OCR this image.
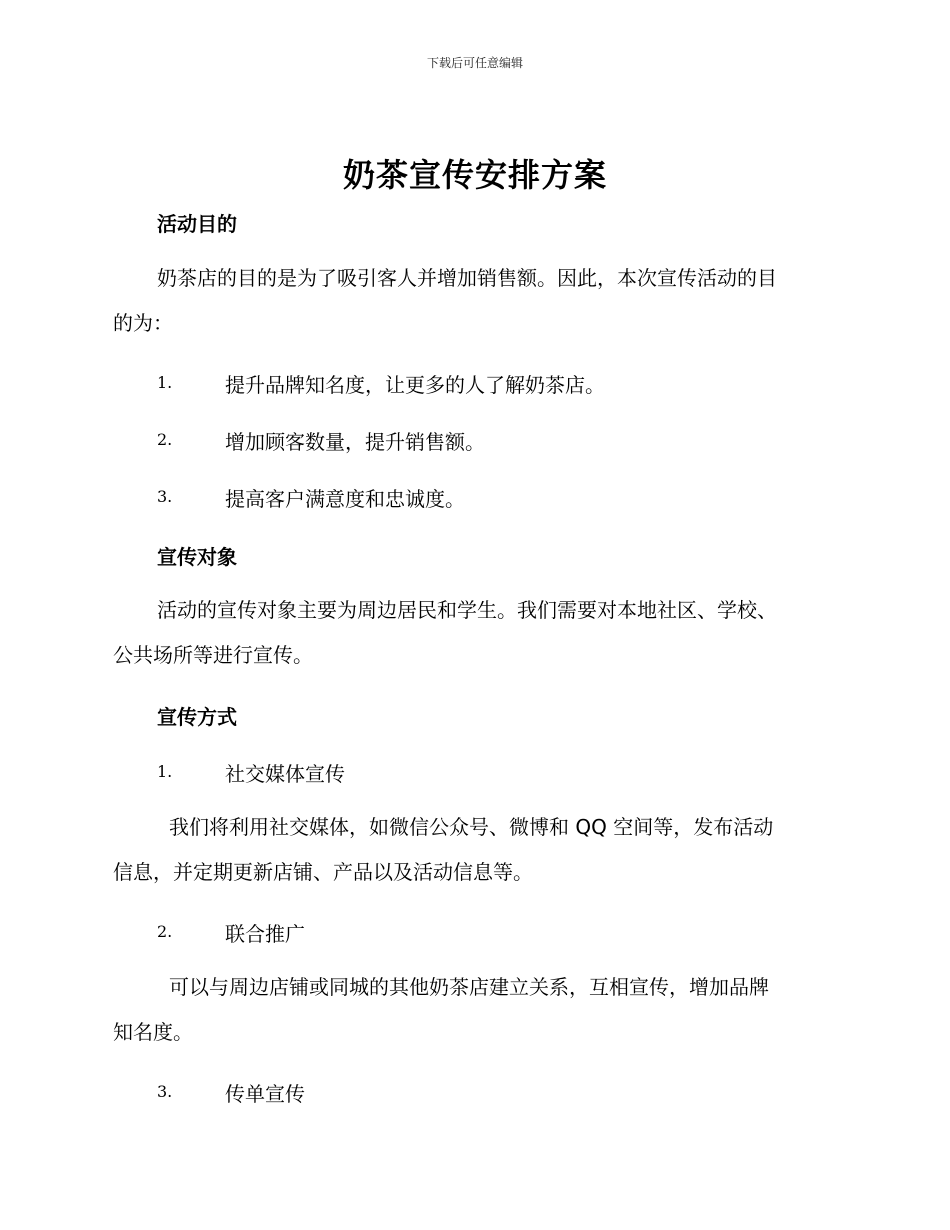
下载后可任意编辑
奶茶宣传安排方案
活动目的
奶茶店的目的是为了吸引客人并增加销售额。因此，本次宣传活动的目
的为：
1.	提升品牌知名度，让更多的人了解奶茶店。
2.	增加顾客数量，提升销售额。
3.	提高客户满意度和忠诚度。
宣传对象
活动的宣传对象主要为周边居民和学生。我们需要对本地社区、学校、
公共场所等进行宣传。
宣传方式
1.	社交媒体宣传
我们将利用社交媒体，如微信公众号、微博和 QQ 空间等，发布活动
信息，并定期更新店铺、产品以及活动信息等。
2.	联合推广
可以与周边店铺或同城的其他奶茶店建立关系，互相宣传，增加品牌
知名度。
3.	传单宣传
